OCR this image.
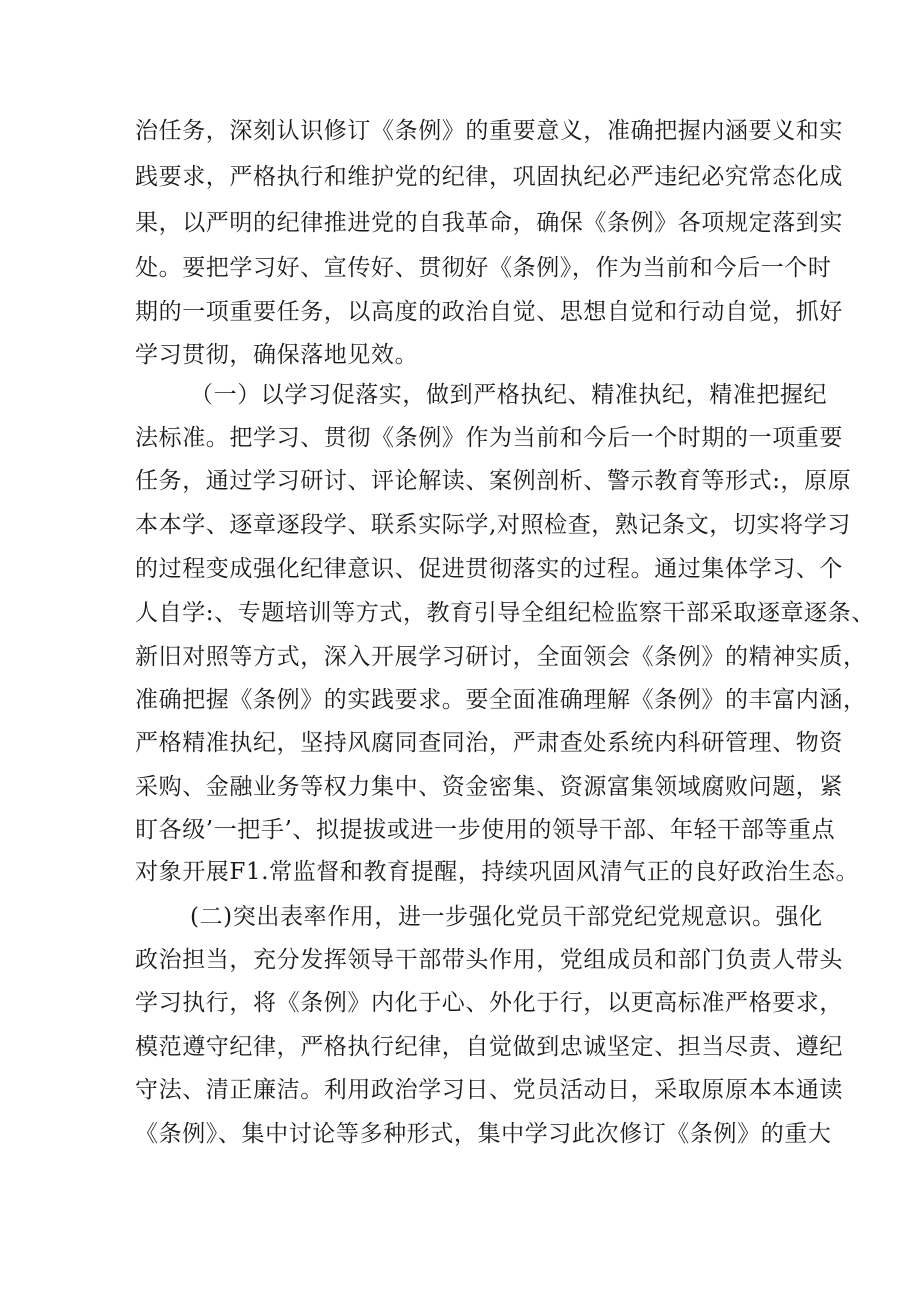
治任务，深刻认识修订《条例》的重要意义，准确把握内涵要义和实
践要求，严格执行和维护党的纪律，巩固执纪必严违纪必究常态化成
果，以严明的纪律推进党的自我革命，确保《条例》各项规定落到实
处。要把学习好、宣传好、贯彻好《条例》，作为当前和今后一个时
期的一项重要任务，以高度的政治自觉、思想自觉和行动自觉，抓好
学习贯彻，确保落地见效。
（一）以学习促落实，做到严格执纪、精准执纪，精准把握纪
法标准。把学习、贯彻《条例》作为当前和今后一个时期的一项重要
任务，通过学习研讨、评论解读、案例剖析、警示教育等形式:，原原
本本学、逐章逐段学、联系实际学,对照检查，熟记条文，切实将学习
的过程变成强化纪律意识、促进贯彻落实的过程。通过集体学习、个
人自学:、专题培训等方式，教育引导全组纪检监察干部采取逐章逐条、
新旧对照等方式，深入开展学习研讨，全面领会《条例》的精神实质，
准确把握《条例》的实践要求。要全面准确理解《条例》的丰富内涵，
严格精准执纪，坚持风腐同查同治，严肃查处系统内科研管理、物资
采购、金融业务等权力集中、资金密集、资源富集领域腐败问题，紧
盯各级’一把手’、拟提拔或进一步使用的领导干部、年轻干部等重点
对象开展F1.常监督和教育提醒，持续巩固风清气正的良好政治生态。
(二)突出表率作用，进一步强化党员干部党纪党规意识。强化
政治担当，充分发挥领导干部带头作用，党组成员和部门负责人带头
学习执行，将《条例》内化于心、外化于行，以更高标准严格要求，
模范遵守纪律，严格执行纪律，自觉做到忠诚坚定、担当尽责、遵纪
守法、清正廉洁。利用政治学习日、党员活动日，采取原原本本通读
《条例》、集中讨论等多种形式，集中学习此次修订《条例》的重大
